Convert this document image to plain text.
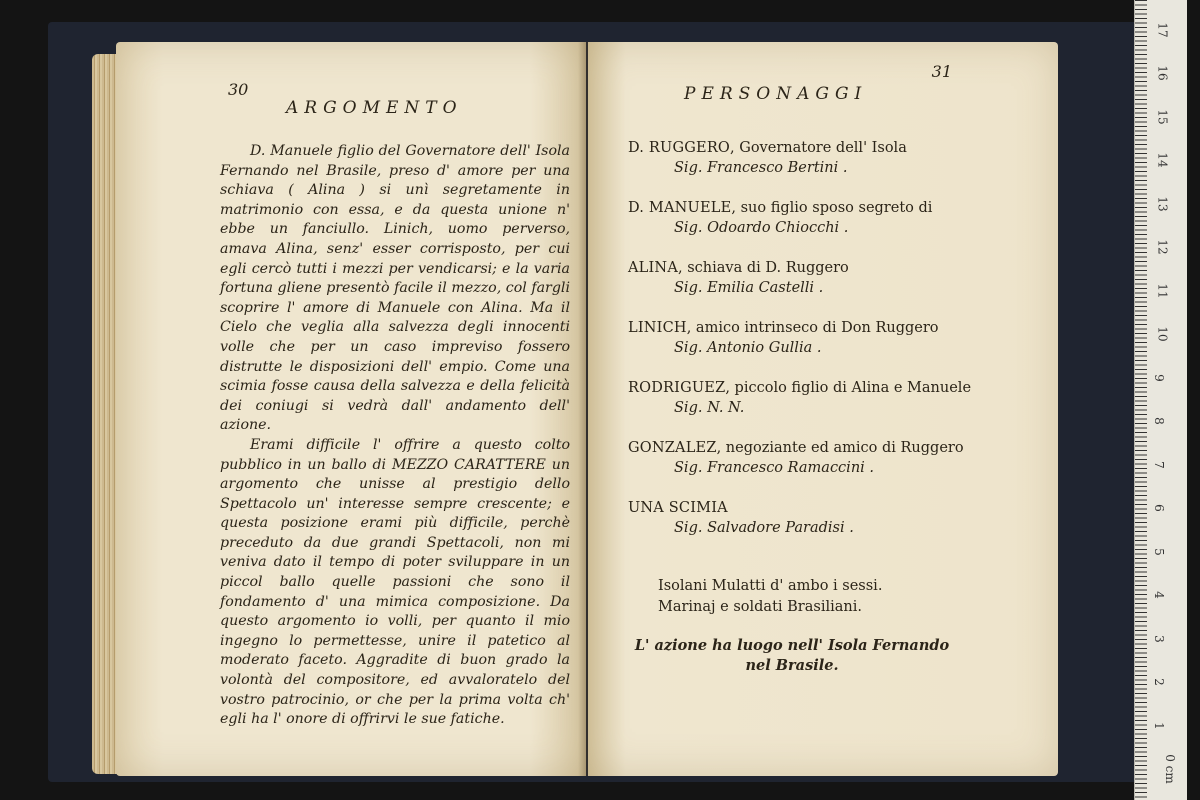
30
ARGOMENTO

D. Manuele figlio del Governatore dell' Isola Fernando nel Brasile, preso d' amore per una schiava ( Alina ) si unì segretamente in matrimonio con essa, e da questa unione n' ebbe un fanciullo. Linich, uomo perverso, amava Alina, senz' esser corrisposto, per cui egli cercò tutti i mezzi per vendicarsi; e la varia fortuna gliene presentò facile il mezzo, col fargli scoprire l' amore di Manuele con Alina. Ma il Cielo che veglia alla salvezza degli innocenti volle che per un caso impreviso fossero distrutte le disposizioni dell' empio. Come una scimia fosse causa della salvezza e della felicità dei coniugi si vedrà dall' andamento dell' azione.

Erami difficile l' offrire a questo colto pubblico in un ballo di MEZZO CARATTERE un argomento che unisse al prestigio dello Spettacolo un' interesse sempre crescente; e questa posizione erami più difficile, perchè preceduto da due grandi Spettacoli, non mi veniva dato il tempo di poter sviluppare in un piccol ballo quelle passioni che sono il fondamento d' una mimica composizione. Da questo argomento io volli, per quanto il mio ingegno lo permettesse, unire il patetico al moderato faceto. Aggradite di buon grado la volontà del compositore, ed avvaloratelo del vostro patrocinio, or che per la prima volta ch' egli ha l' onore di offrirvi le sue fatiche.

31
PERSONAGGI
D. RUGGERO, Governatore dell' Isola
Sig. Francesco Bertini .
D. MANUELE, suo figlio sposo segreto di
Sig. Odoardo Chiocchi .
ALINA, schiava di D. Ruggero
Sig. Emilia Castelli .
LINICH, amico intrinseco di Don Ruggero
Sig. Antonio Gullia .
RODRIGUEZ, piccolo figlio di Alina e Manuele
Sig. N. N.
GONZALEZ, negoziante ed amico di Ruggero
Sig. Francesco Ramaccini .
UNA SCIMIA
Sig. Salvadore Paradisi .
Isolani Mulatti d' ambo i sessi.
Marinaj e soldati Brasiliani.
L' azione ha luogo nell' Isola Fernando nel Brasile.
0 cm
1
2
3
4
5
6
7
8
9
10
11
12
13
14
15
16
17
